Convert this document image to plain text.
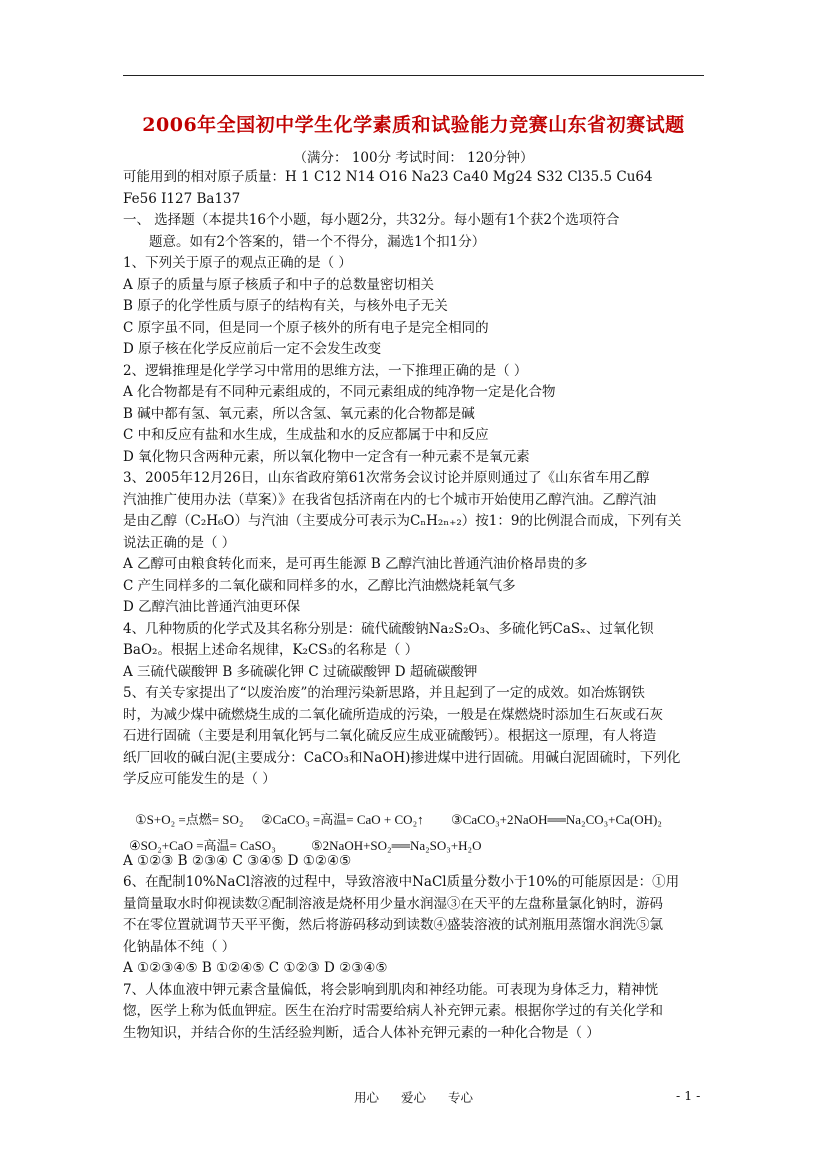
2006年全国初中学生化学素质和试验能力竞赛山东省初赛试题
（满分： 100分 考试时间： 120分钟）
可能用到的相对原子质量：H 1 C12 N14 O16 Na23 Ca40 Mg24 S32 Cl35.5 Cu64
Fe56 I127 Ba137
一、 选择题（本提共16个小题，每小题2分，共32分。每小题有1个获2个选项符合
题意。如有2个答案的，错一个不得分，漏选1个扣1分）
1、下列关于原子的观点正确的是（ ）
A 原子的质量与原子核质子和中子的总数量密切相关
B 原子的化学性质与原子的结构有关，与核外电子无关
C 原字虽不同，但是同一个原子核外的所有电子是完全相同的
D 原子核在化学反应前后一定不会发生改变
2、逻辑推理是化学学习中常用的思维方法，一下推理正确的是（ ）
A 化合物都是有不同种元素组成的，不同元素组成的纯净物一定是化合物
B 碱中都有氢、氧元素，所以含氢、氧元素的化合物都是碱
C 中和反应有盐和水生成，生成盐和水的反应都属于中和反应
D 氧化物只含两种元素，所以氧化物中一定含有一种元素不是氧元素
3、2005年12月26日，山东省政府第61次常务会议讨论并原则通过了《山东省车用乙醇
汽油推广使用办法（草案）》在我省包括济南在内的七个城市开始使用乙醇汽油。乙醇汽油
是由乙醇（C₂H₆O）与汽油（主要成分可表示为CₙH₂ₙ₊₂）按1：9的比例混合而成，下列有关
说法正确的是（ ）
A 乙醇可由粮食转化而来，是可再生能源 B 乙醇汽油比普通汽油价格昂贵的多
C 产生同样多的二氧化碳和同样多的水，乙醇比汽油燃烧耗氧气多
D 乙醇汽油比普通汽油更环保
4、几种物质的化学式及其名称分别是：硫代硫酸钠Na₂S₂O₃、多硫化钙CaSₓ、过氧化钡
BaO₂。根据上述命名规律，K₂CS₃的名称是（ ）
A 三硫代碳酸钾 B 多硫碳化钾 C 过硫碳酸钾 D 超硫碳酸钾
5、有关专家提出了“以废治废”的治理污染新思路，并且起到了一定的成效。如冶炼钢铁
时，为减少煤中硫燃烧生成的二氧化硫所造成的污染，一般是在煤燃烧时添加生石灰或石灰
石进行固硫（主要是利用氧化钙与二氧化硫反应生成亚硫酸钙）。根据这一原理，有人将造
纸厂回收的碱白泥(主要成分：CaCO₃和NaOH)掺进煤中进行固硫。用碱白泥固硫时，下列化
学反应可能发生的是（ ）
①S+O₂ =点燃= SO₂ ②CaCO₃ =高温= CaO + CO₂↑ ③CaCO₃+2NaOH══Na₂CO₃+Ca(OH)₂
④SO₂+CaO =高温= CaSO₃	⑤2NaOH+SO₂══Na₂SO₃+H₂O
A ①②③ B ②③④ C ③④⑤ D ①②④⑤
6、在配制10%NaCl溶液的过程中，导致溶液中NaCl质量分数小于10%的可能原因是：①用
量筒量取水时仰视读数②配制溶液是烧杯用少量水润湿③在天平的左盘称量氯化钠时，游码
不在零位置就调节天平平衡，然后将游码移动到读数④盛装溶液的试剂瓶用蒸馏水润洗⑤氯
化钠晶体不纯（ ）
A ①②③④⑤ B ①②④⑤ C ①②③ D ②③④⑤
7、人体血液中钾元素含量偏低，将会影响到肌肉和神经功能。可表现为身体乏力，精神恍
惚，医学上称为低血钾症。医生在治疗时需要给病人补充钾元素。根据你学过的有关化学和
生物知识，并结合你的生活经验判断，适合人体补充钾元素的一种化合物是（ ）
用心 爱心 专心	- 1 -
